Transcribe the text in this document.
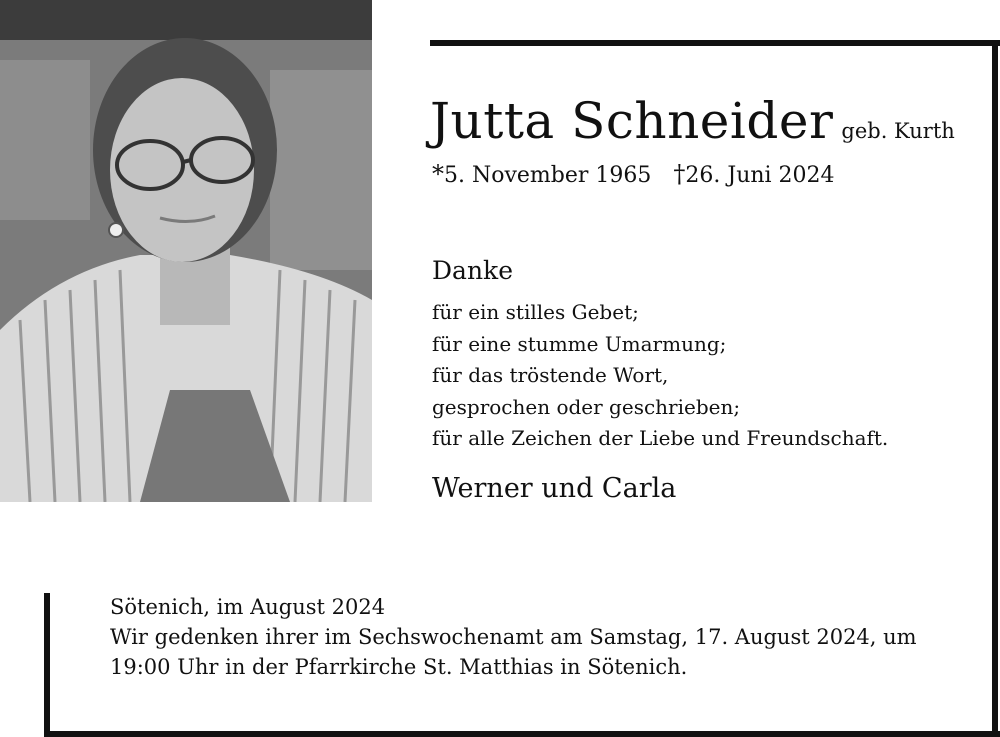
Jutta Schneider geb. Kurth
*5. November 1965 †26. Juni 2024
Danke
für ein stilles Gebet;
für eine stumme Umarmung;
für das tröstende Wort,
gesprochen oder geschrieben;
für alle Zeichen der Liebe und Freundschaft.
Werner und Carla
Sötenich, im August 2024
Wir gedenken ihrer im Sechswochenamt am Samstag, 17. August 2024, um
19:00 Uhr in der Pfarrkirche St. Matthias in Sötenich.
